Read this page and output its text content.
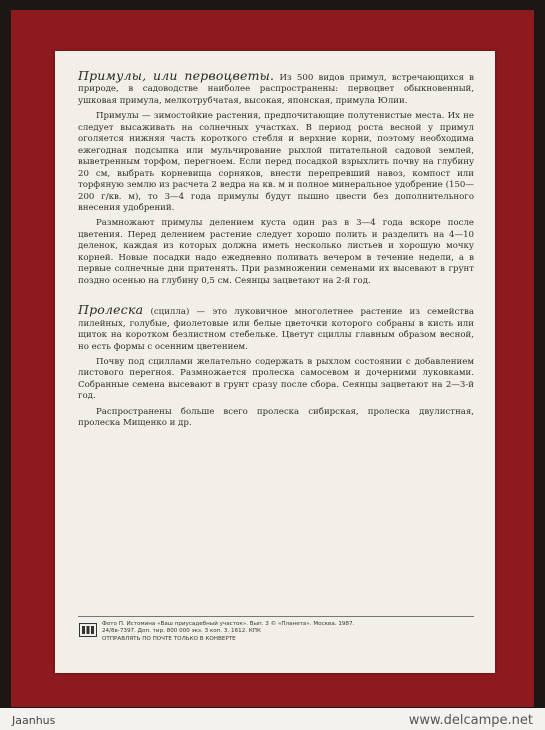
Примулы, или первоцветы. Из 500 видов примул, встречающихся в природе, в садоводстве наиболее распространены: первоцвет обыкновенный, ушковая примула, мелкотрубчатая, высокая, японская, примула Юлии.

Примулы — зимостойкие растения, предпочитающие полутенистые места. Их не следует высаживать на солнечных участках. В период роста весной у примул оголяется нижняя часть короткого стебля и верхние корни, поэтому необходима ежегодная подсыпка или мульчирование рыхлой питательной садовой землей, выветренным торфом, перегноем. Если перед посадкой взрыхлить почву на глубину 20 см, выбрать корневища сорняков, внести перепревший навоз, компост или торфяную землю из расчета 2 ведра на кв. м и полное минеральное удобрение (150—200 г/кв. м), то 3—4 года примулы будут пышно цвести без дополнительного внесения удобрений.

Размножают примулы делением куста один раз в 3—4 года вскоре после цветения. Перед делением растение следует хорошо полить и разделить на 4—10 деленок, каждая из которых должна иметь несколько листьев и хорошую мочку корней. Новые посадки надо ежедневно поливать вечером в течение недели, а в первые солнечные дни притенять. При размножении семенами их высевают в грунт поздно осенью на глубину 0,5 см. Сеянцы зацветают на 2-й год.

Пролеска (сцилла) — это луковичное многолетнее растение из семейства лилейных, голубые, фиолетовые или белые цветочки которого собраны в кисть или щиток на коротком безлистном стебельке. Цветут сциллы главным образом весной, но есть формы с осенним цветением.

Почву под сциллами желательно содержать в рыхлом состоянии с добавлением листового перегноя. Размножается пролеска самосевом и дочерними луковками. Собранные семена высевают в грунт сразу после сбора. Сеянцы зацветают на 2—3-й год.

Распространены больше всего пролеска сибирская, пролеска двулистная, пролеска Мищенко и др.

Фото П. Истомина «Ваш приусадебный участок». Вып. 3 © «Планета». Москва. 1987.
24/8в-7397. Доп. тир. 800 000 экз. 3 коп. 3. 1612. КПК
ОТПРАВЛЯТЬ ПО ПОЧТЕ ТОЛЬКО В КОНВЕРТЕ
Jaanhus	www.delcampe.net
